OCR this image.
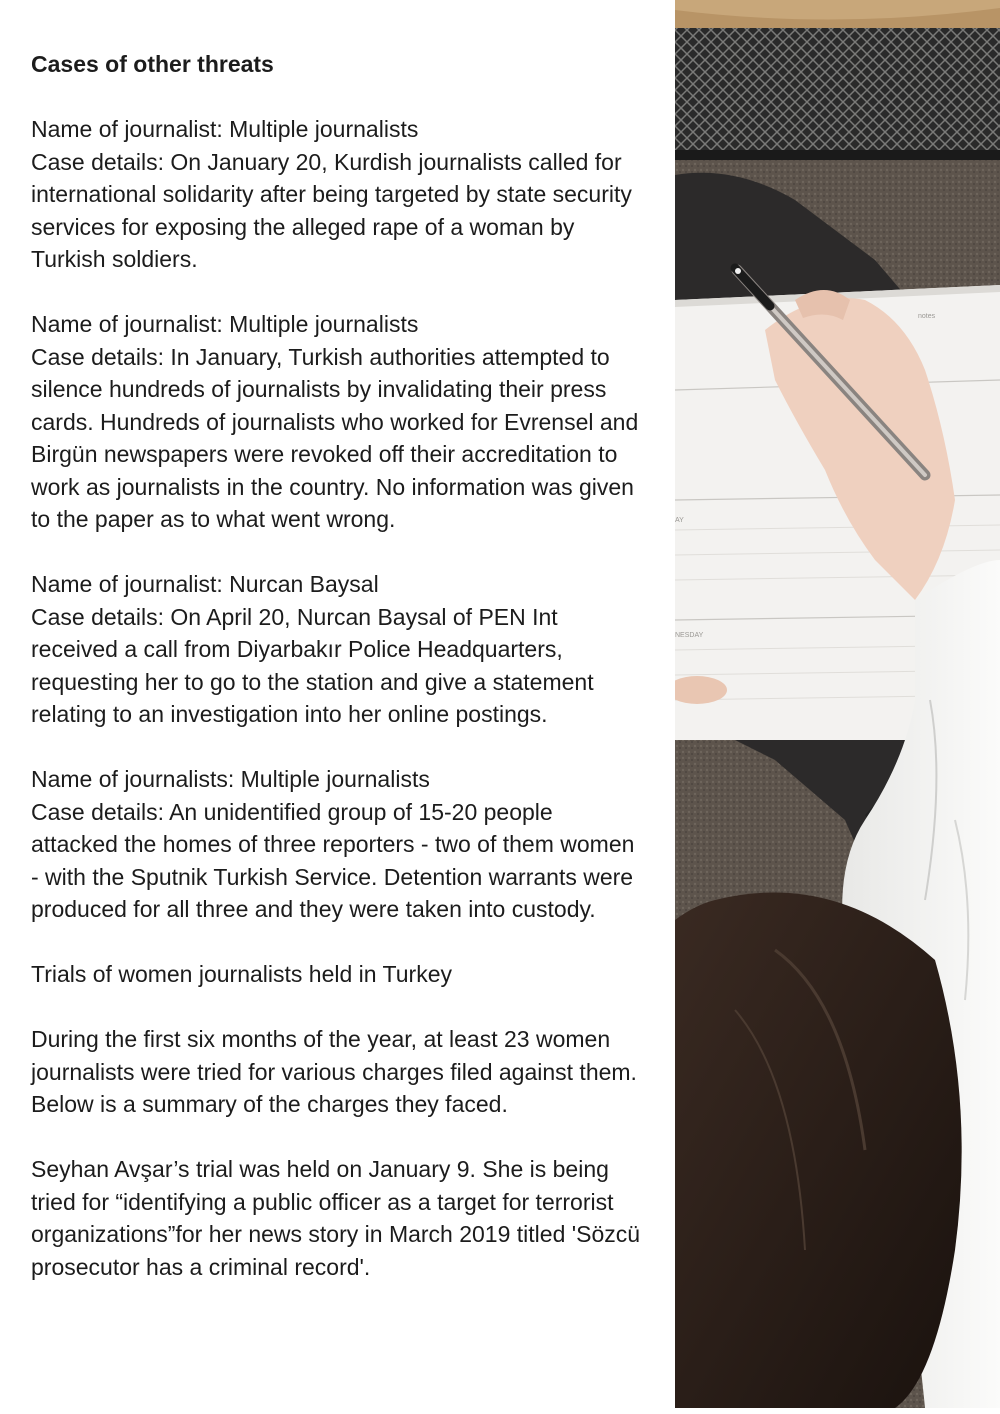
Cases of other threats

Name of journalist: Multiple journalists

Case details: On January 20, Kurdish journalists called for international solidarity after being targeted by state security services for exposing the alleged rape of a woman by Turkish soldiers.

Name of journalist: Multiple journalists

Case details: In January, Turkish authorities attempted to silence hundreds of journalists by invalidating their press cards. Hundreds of journalists who worked for Evrensel and Birgün newspapers were revoked off their accreditation to work as journalists in the country. No information was given to the paper as to what went wrong.

Name of journalist: Nurcan Baysal

Case details: On April 20, Nurcan Baysal of PEN Int received a call from Diyarbakır Police Headquarters, requesting her to go to the station and give a statement relating to an investigation into her online postings.

Name of journalists: Multiple journalists

Case details: An unidentified group of 15-20 people attacked the homes of three reporters - two of them women - with the Sputnik Turkish Service. Detention warrants were produced for all three and they were taken into custody.

Trials of women journalists held in Turkey

During the first six months of the year, at least 23 women journalists were tried for various charges filed against them. Below is a summary of the charges they faced.

Seyhan Avşar’s trial was held on January 9. She is being tried for “identifying a public officer as a target for terrorist organizations”for her news story in March 2019 titled 'Sözcü prosecutor has a criminal record'.

notes
AY
NESDAY
